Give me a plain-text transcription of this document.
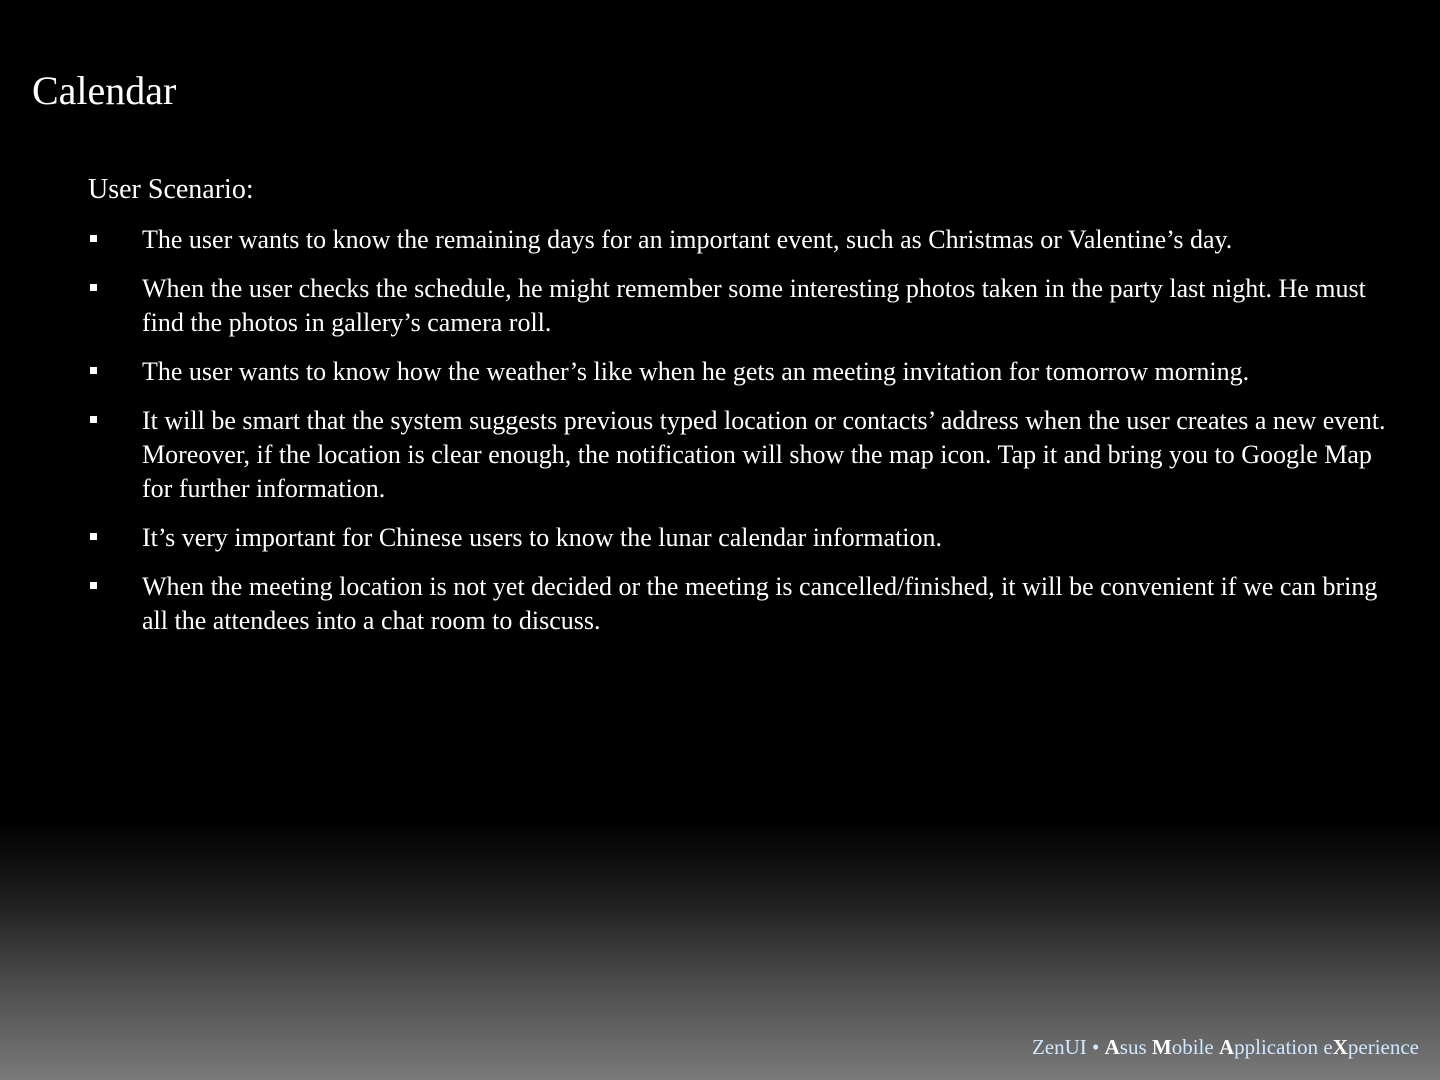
Calendar

User Scenario:

The user wants to know the remaining days for an important event, such as Christmas or Valentine’s day.
When the user checks the schedule, he might remember some interesting photos taken in the party last night. He must find the photos in gallery’s camera roll.
The user wants to know how the weather’s like when he gets an meeting invitation for tomorrow morning.
It will be smart that the system suggests previous typed location or contacts’ address when the user creates a new event. Moreover, if the location is clear enough, the notification will show the map icon. Tap it and bring you to Google Map for further information.
It’s very important for Chinese users to know the lunar calendar information.
When the meeting location is not yet decided or the meeting is cancelled/finished, it will be convenient if we can bring all the attendees into a chat room to discuss.
ZenUI • Asus Mobile Application eXperience
